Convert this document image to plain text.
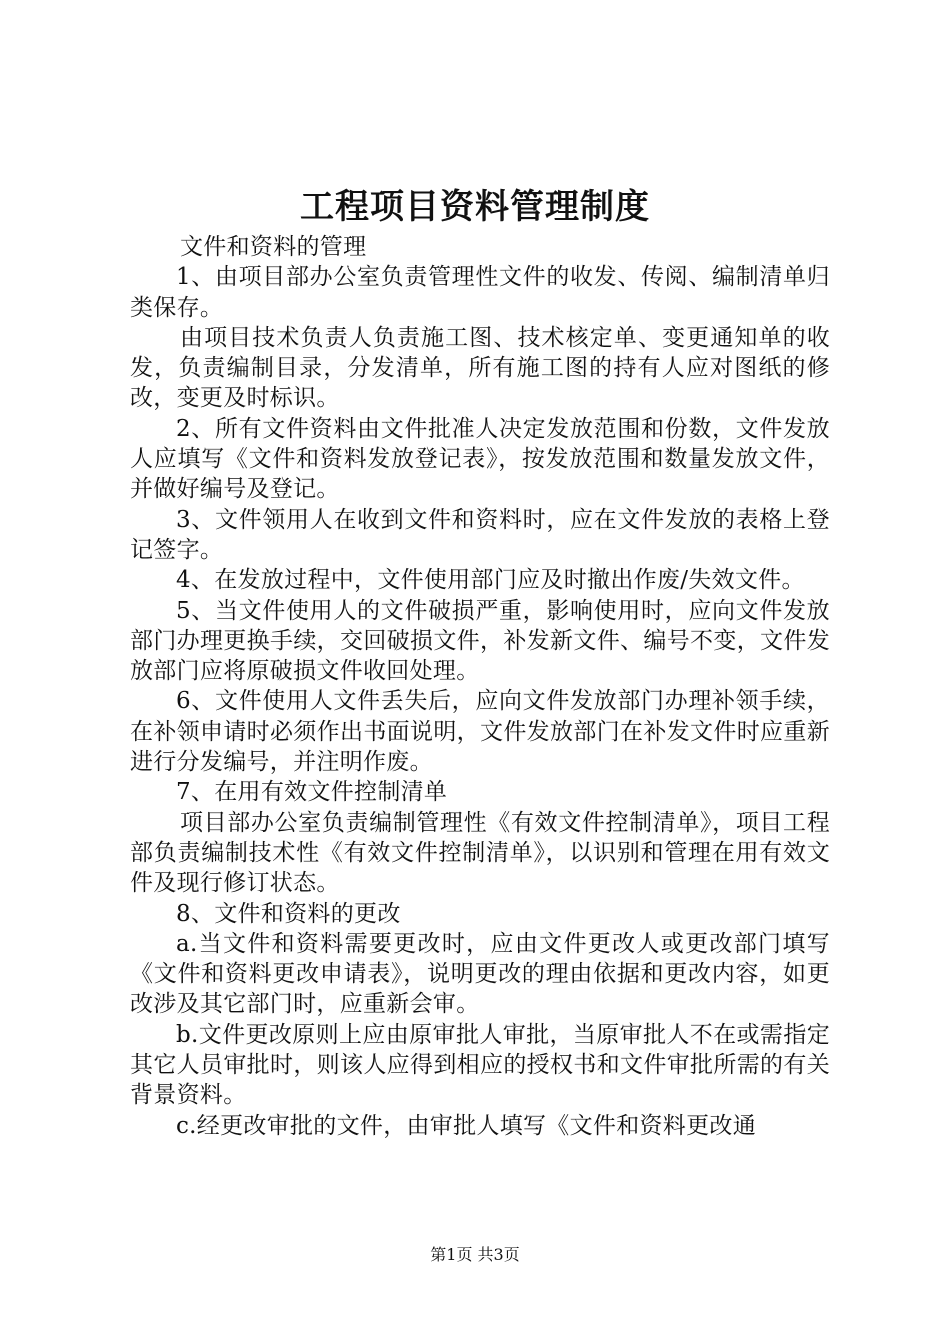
工程项目资料管理制度

文件和资料的管理

1、由项目部办公室负责管理性文件的收发、传阅、编制清单归类保存。

由项目技术负责人负责施工图、技术核定单、变更通知单的收发，负责编制目录，分发清单，所有施工图的持有人应对图纸的修改，变更及时标识。

2、所有文件资料由文件批准人决定发放范围和份数，文件发放人应填写《文件和资料发放登记表》，按发放范围和数量发放文件，并做好编号及登记。

3、文件领用人在收到文件和资料时，应在文件发放的表格上登记签字。

4、在发放过程中，文件使用部门应及时撤出作废/失效文件。

5、当文件使用人的文件破损严重，影响使用时，应向文件发放部门办理更换手续，交回破损文件，补发新文件、编号不变，文件发放部门应将原破损文件收回处理。

6、文件使用人文件丢失后，应向文件发放部门办理补领手续，在补领申请时必须作出书面说明，文件发放部门在补发文件时应重新进行分发编号，并注明作废。

7、在用有效文件控制清单

项目部办公室负责编制管理性《有效文件控制清单》，项目工程部负责编制技术性《有效文件控制清单》，以识别和管理在用有效文件及现行修订状态。

8、文件和资料的更改

a.当文件和资料需要更改时，应由文件更改人或更改部门填写《文件和资料更改申请表》，说明更改的理由依据和更改内容，如更改涉及其它部门时，应重新会审。

b.文件更改原则上应由原审批人审批，当原审批人不在或需指定其它人员审批时，则该人应得到相应的授权书和文件审批所需的有关背景资料。

c.经更改审批的文件，由审批人填写《文件和资料更改通

第1页 共3页
